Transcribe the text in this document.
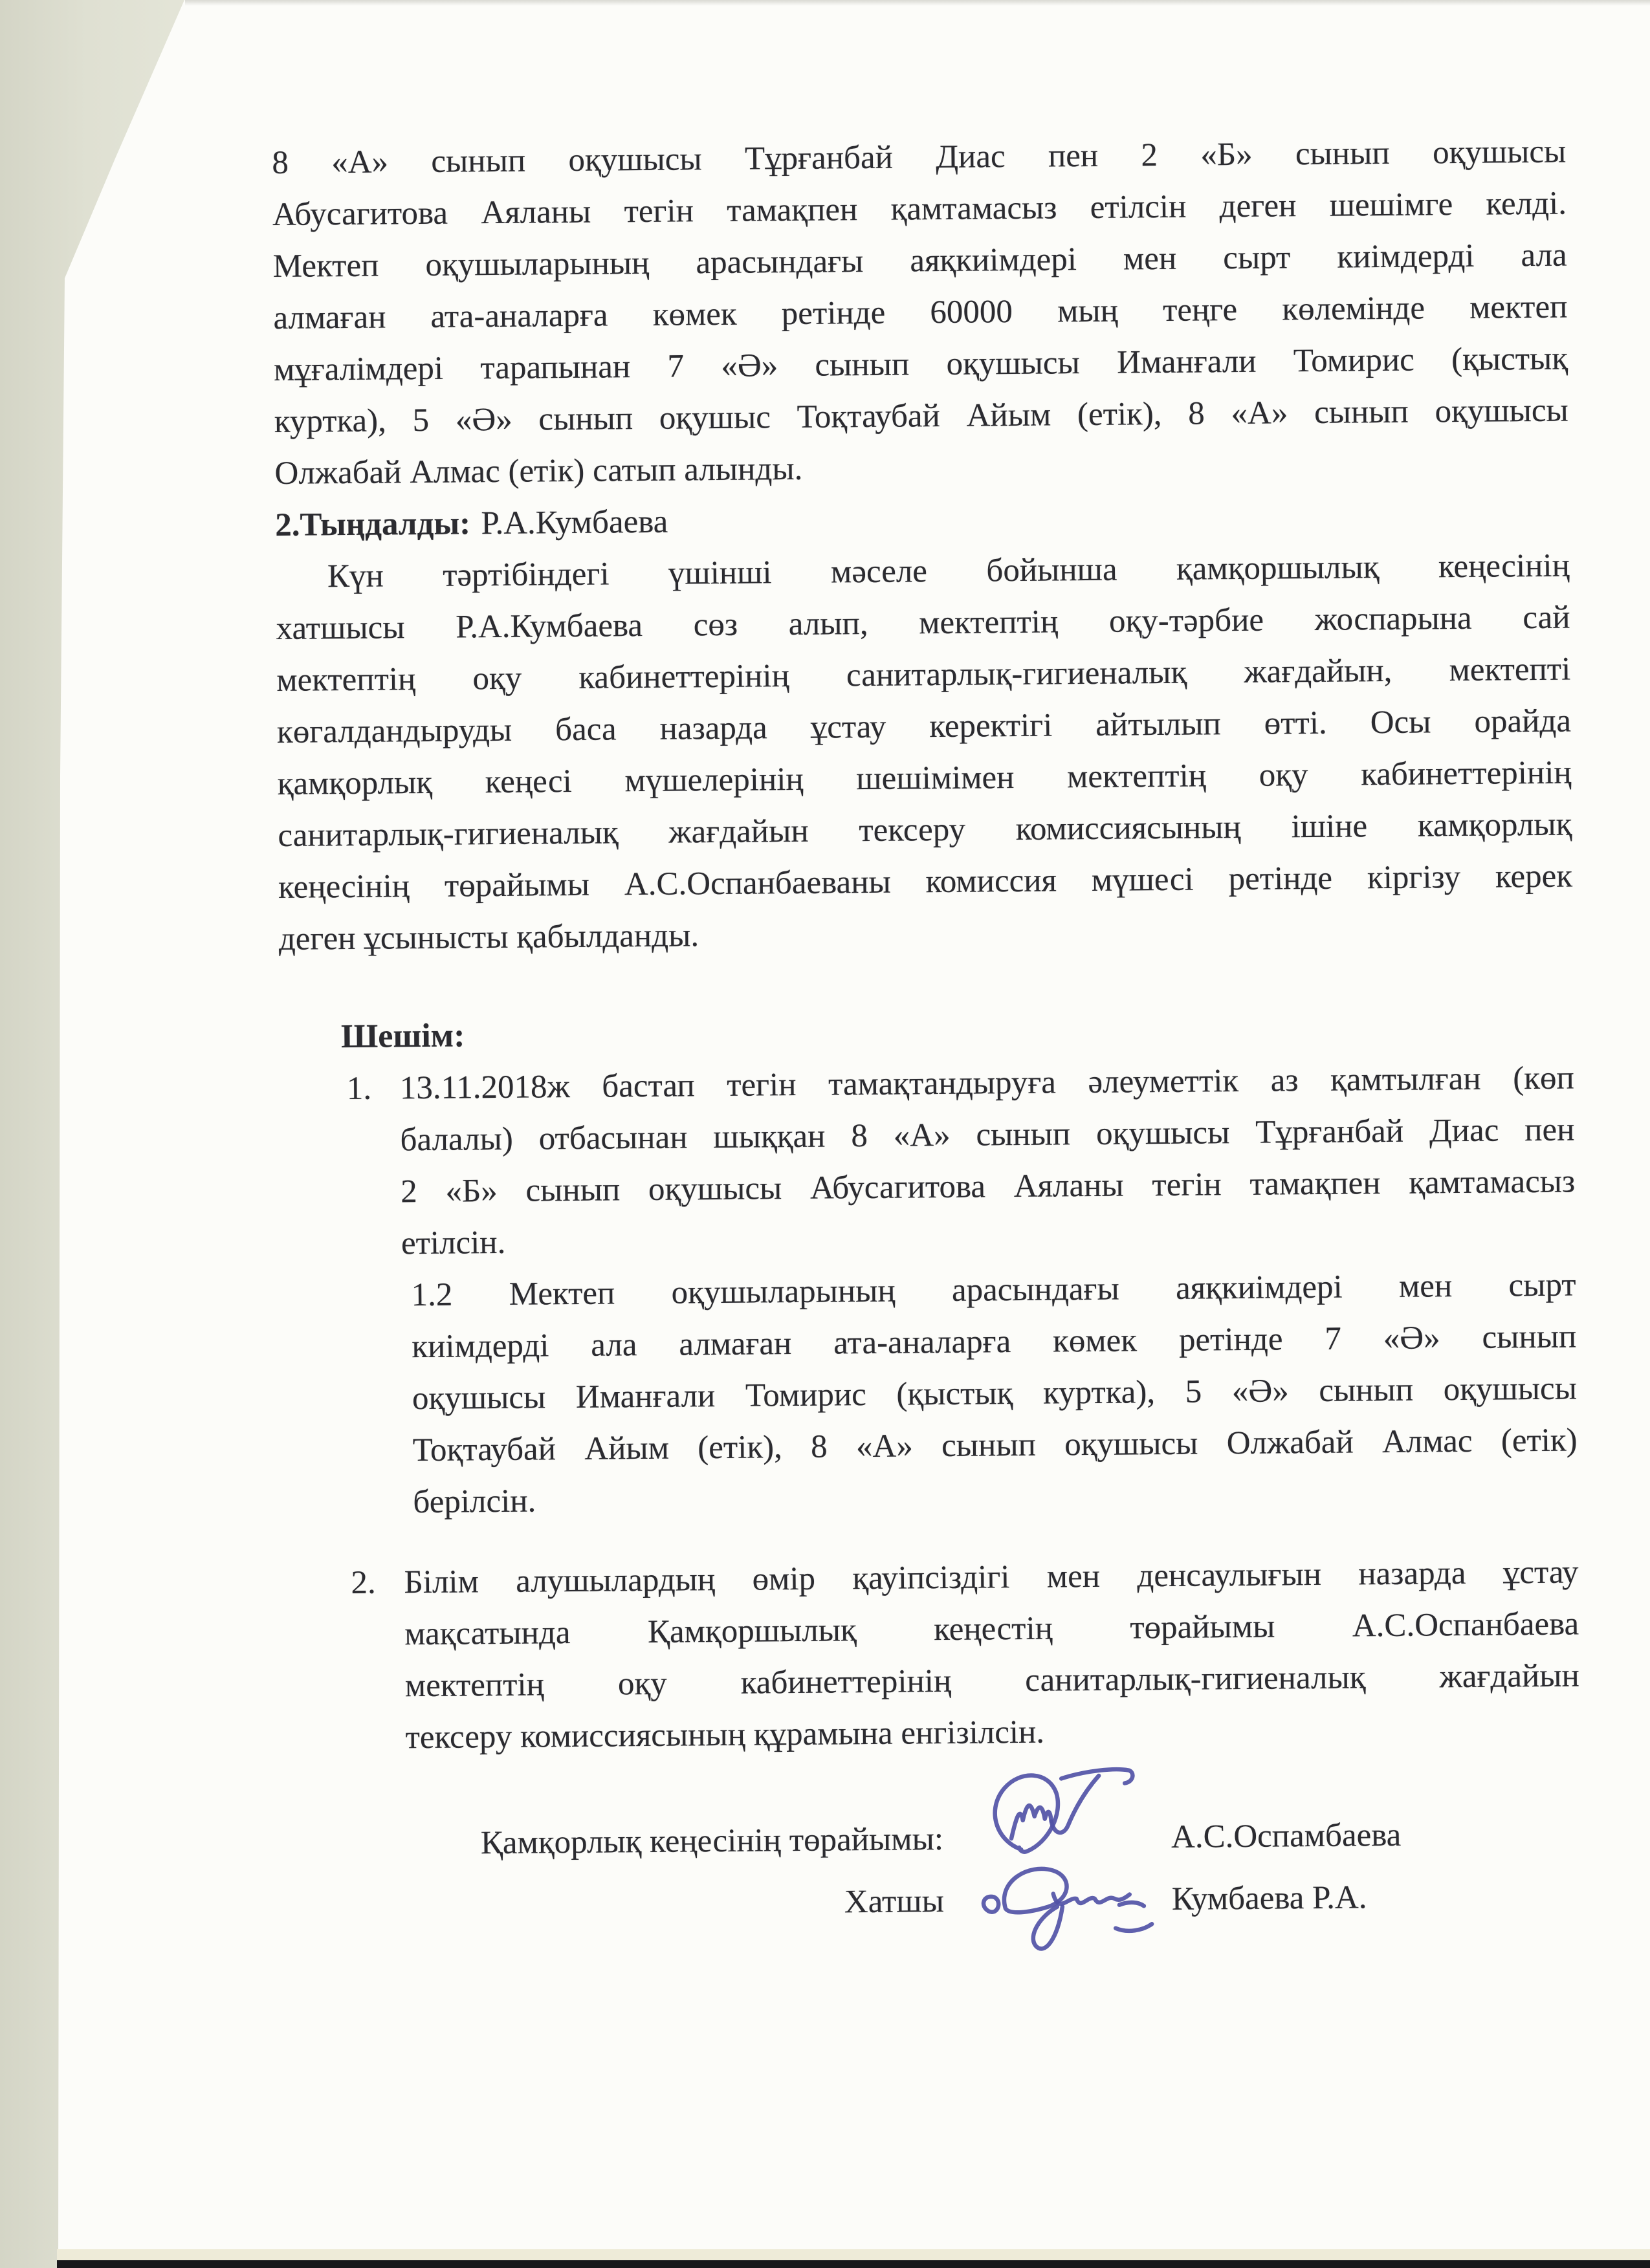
8 «А» сынып оқушысы Тұрғанбай Диас пен 2 «Б» сынып оқушысы
Абусагитова Аяланы тегін тамақпен қамтамасыз етілсін деген шешімге келді.
Мектеп оқушыларының арасындағы аяқкиімдері мен сырт киімдерді ала
алмаған ата-аналарға көмек ретінде 60000 мың теңге көлемінде мектеп
мұғалімдері тарапынан 7 «Ә» сынып оқушысы Иманғали Томирис (қыстық
куртка), 5 «Ә» сынып оқушыс Тоқтаубай Айым (етік), 8 «А» сынып оқушысы
Олжабай Алмас (етік) сатып алынды.
2.Тыңдалды: Р.А.Кумбаева
Күн тәртібіндегі үшінші мәселе бойынша қамқоршылық кеңесінің
хатшысы Р.А.Кумбаева сөз алып, мектептің оқу-тәрбие жоспарына сай
мектептің оқу кабинеттерінің санитарлық-гигиеналық жағдайын, мектепті
көгалдандыруды баса назарда ұстау керектігі айтылып өтті. Осы орайда
қамқорлық кеңесі мүшелерінің шешімімен мектептің оқу кабинеттерінің
санитарлық-гигиеналық жағдайын тексеру комиссиясының ішіне камқорлық
кеңесінің төрайымы А.С.Оспанбаеваны комиссия мүшесі ретінде кіргізу керек
деген ұсынысты қабылданды.
Шешім:
1. 13.11.2018ж бастап тегін тамақтандыруға әлеуметтік аз қамтылған (көп
балалы) отбасынан шыққан 8 «А» сынып оқушысы Тұрғанбай Диас пен
2 «Б» сынып оқушысы Абусагитова Аяланы тегін тамақпен қамтамасыз
етілсін.
1.2 Мектеп оқушыларының арасындағы аяқкиімдері мен сырт
киімдерді ала алмаған ата-аналарға көмек ретінде 7 «Ә» сынып
оқушысы Иманғали Томирис (қыстық куртка), 5 «Ә» сынып оқушысы
Тоқтаубай Айым (етік), 8 «А» сынып оқушысы Олжабай Алмас (етік)
берілсін.
2. Білім алушылардың өмір қауіпсіздігі мен денсаулығын назарда ұстау
мақсатында Қамқоршылық кеңестің төрайымы А.С.Оспанбаева
мектептің оқу кабинеттерінің санитарлық-гигиеналық жағдайын
тексеру комиссиясының құрамына енгізілсін.
Қамқорлық кеңесінің төрайымы:	А.С.Оспамбаева
Хатшы	Кумбаева Р.А.
